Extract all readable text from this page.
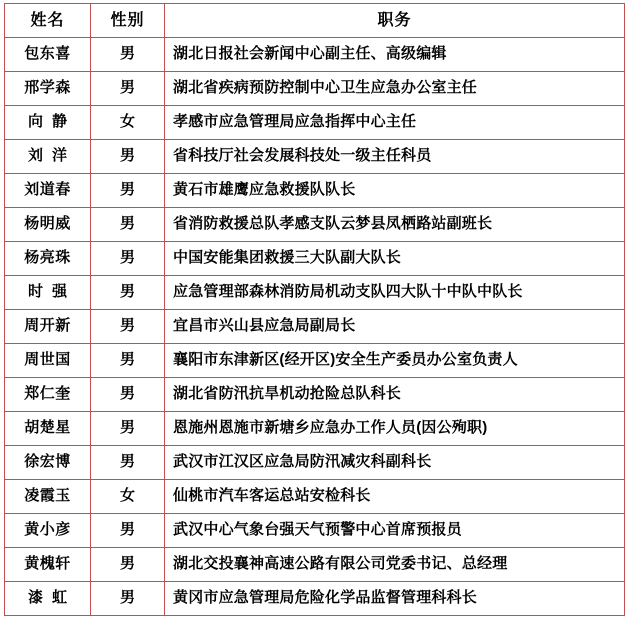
姓名	性别	职务
包东喜	男	湖北日报社会新闻中心副主任、高级编辑
邢学森	男	湖北省疾病预防控制中心卫生应急办公室主任
向静	女	孝感市应急管理局应急指挥中心主任
刘洋	男	省科技厅社会发展科技处一级主任科员
刘道春	男	黄石市雄鹰应急救援队队长
杨明威	男	省消防救援总队孝感支队云梦县凤栖路站副班长
杨亮珠	男	中国安能集团救援三大队副大队长
时强	男	应急管理部森林消防局机动支队四大队十中队中队长
周开新	男	宜昌市兴山县应急局副局长
周世国	男	襄阳市东津新区(经开区)安全生产委员办公室负责人
郑仁奎	男	湖北省防汛抗旱机动抢险总队科长
胡楚星	男	恩施州恩施市新塘乡应急办工作人员(因公殉职)
徐宏博	男	武汉市江汉区应急局防汛减灾科副科长
凌霞玉	女	仙桃市汽车客运总站安检科长
黄小彦	男	武汉中心气象台强天气预警中心首席预报员
黄槐轩	男	湖北交投襄神高速公路有限公司党委书记、总经理
漆虹	男	黄冈市应急管理局危险化学品监督管理科科长
